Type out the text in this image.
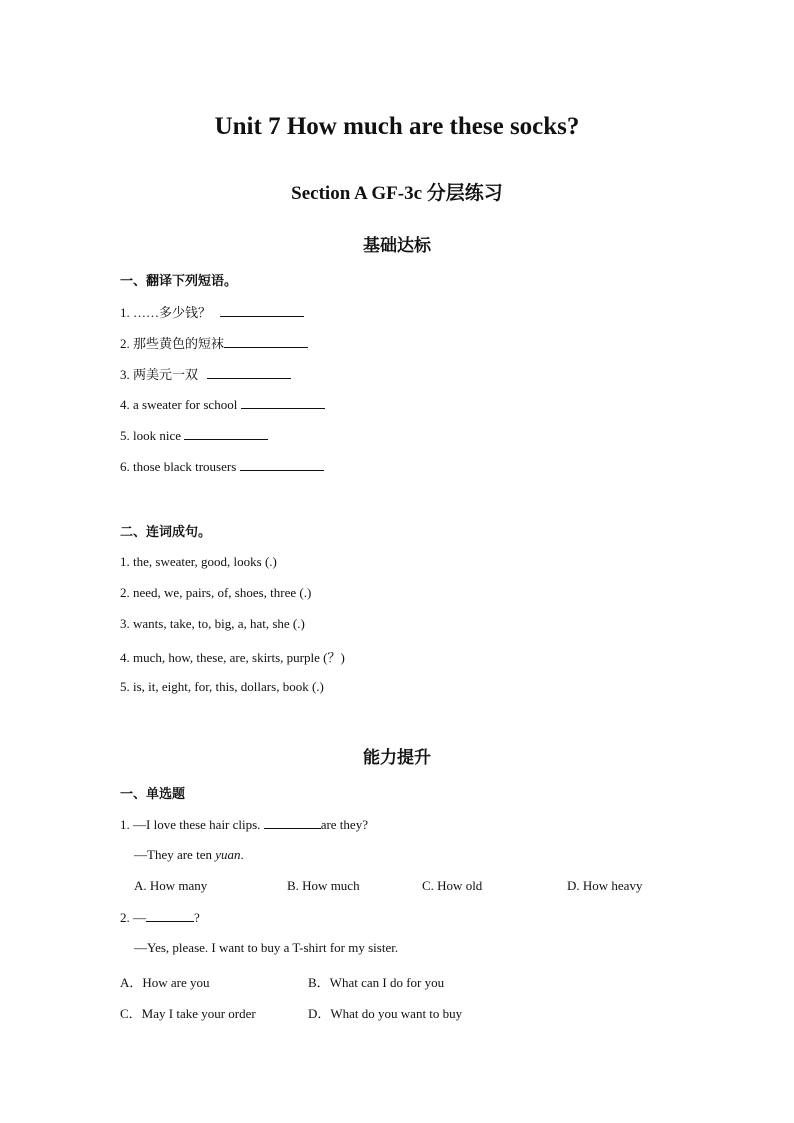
Unit 7 How much are these socks?
Section A GF-3c 分层练习
基础达标
一、翻译下列短语。
1. ……多少钱？
2. 那些黄色的短袜
3. 两美元一双
4. a sweater for school
5. look nice
6. those black trousers
二、连词成句。
1. the, sweater, good, looks (.)
2. need, we, pairs, of, shoes, three (.)
3. wants, take, to, big, a, hat, she (.)
4. much, how, these, are, skirts, purple (？)
5. is, it, eight, for, this, dollars, book (.)
能力提升
一、单选题
1. —I love these hair clips.	are they?
—They are ten yuan.
A. How many	B. How much	C. How old	D. How heavy
2. —	?
—Yes, please. I want to buy a T-shirt for my sister.
A．How are you	B．What can I do for you
C．May I take your order	D．What do you want to buy
